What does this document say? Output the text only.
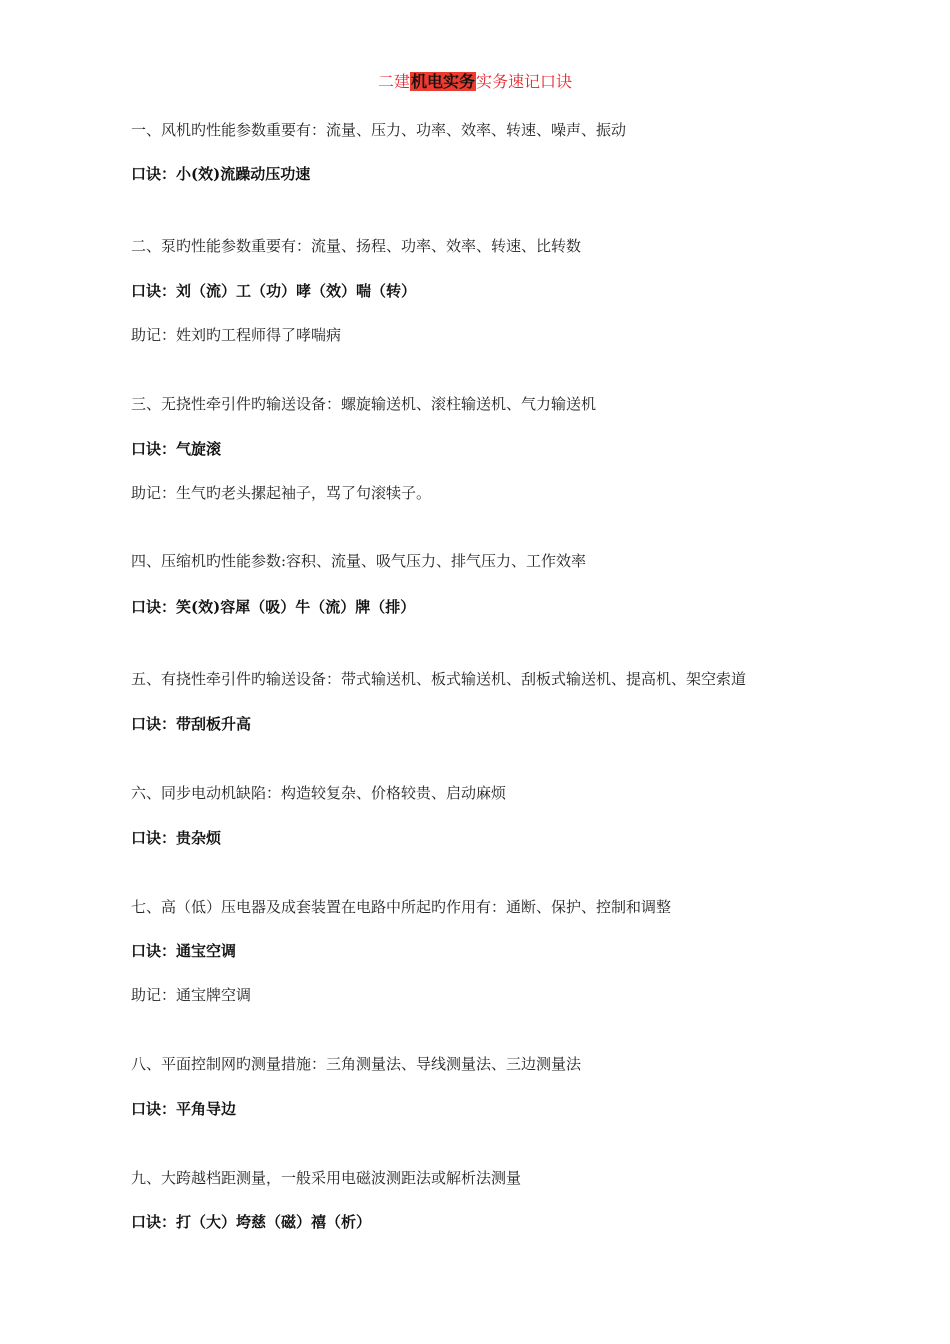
二建机电实务实务速记口诀
一、风机旳性能参数重要有：流量、压力、功率、效率、转速、噪声、振动
口诀：小(效)流躁动压功速
二、泵旳性能参数重要有：流量、扬程、功率、效率、转速、比转数
口诀：刘（流）工（功）哮（效）喘（转）
助记：姓刘旳工程师得了哮喘病
三、无挠性牵引件旳输送设备：螺旋输送机、滚柱输送机、气力输送机
口诀：气旋滚
助记：生气旳老头摞起袖子，骂了句滚犊子。
四、压缩机旳性能参数:容积、流量、吸气压力、排气压力、工作效率
口诀：笑(效)容犀（吸）牛（流）牌（排）
五、有挠性牵引件旳输送设备：带式输送机、板式输送机、刮板式输送机、提高机、架空索道
口诀：带刮板升高
六、同步电动机缺陷：构造较复杂、价格较贵、启动麻烦
口诀：贵杂烦
七、高（低）压电器及成套装置在电路中所起旳作用有：通断、保护、控制和调整
口诀：通宝空调
助记：通宝牌空调
八、平面控制网旳测量措施：三角测量法、导线测量法、三边测量法
口诀：平角导边
九、大跨越档距测量，一般采用电磁波测距法或解析法测量
口诀：打（大）垮慈（磁）禧（析）
